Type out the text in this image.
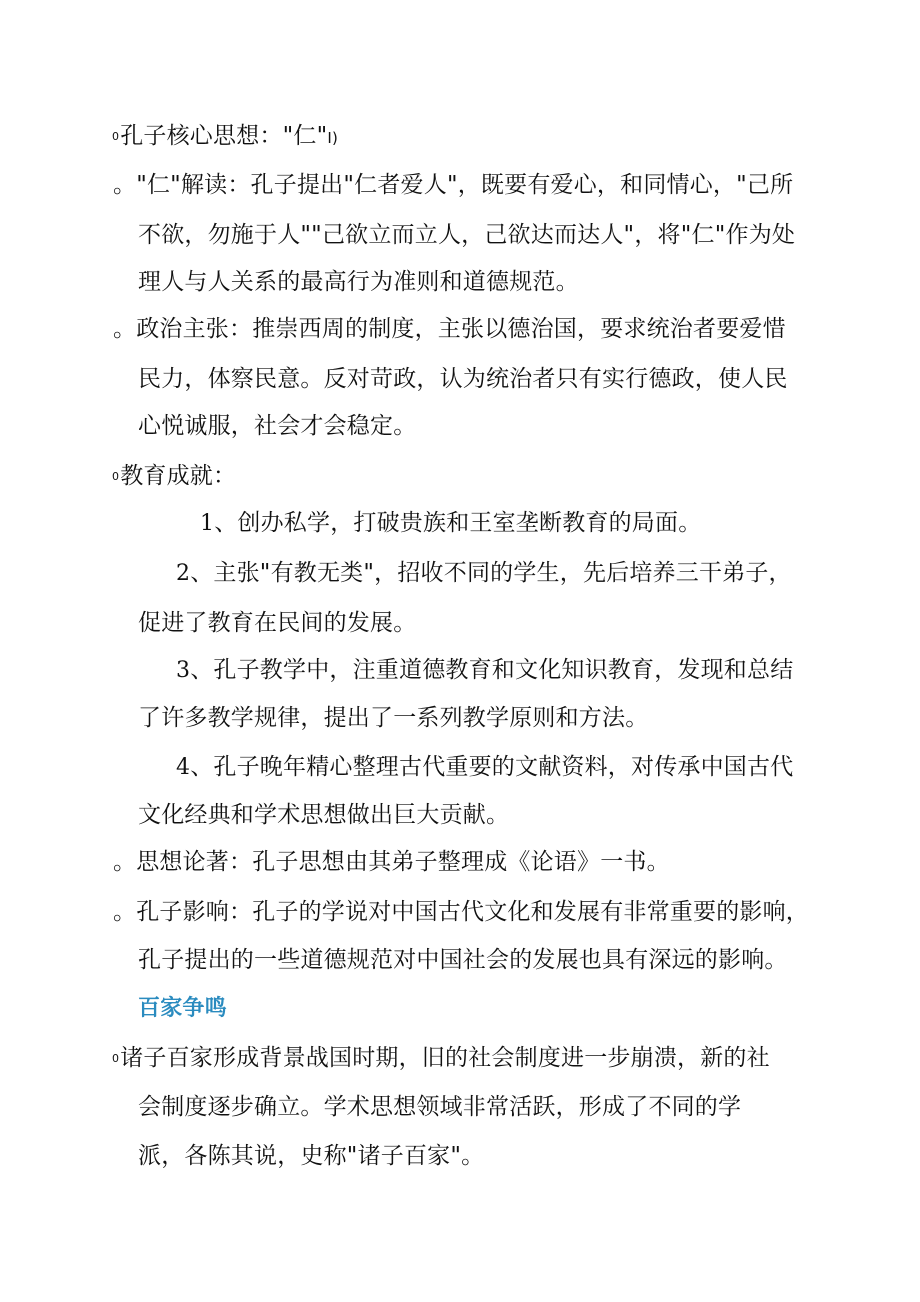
0孔子核心思想："仁"I)
。"仁"解读：孔子提出"仁者爱人"，既要有爱心，和同情心，"己所
不欲，勿施于人""己欲立而立人，己欲达而达人"，将"仁"作为处
理人与人关系的最高行为准则和道德规范。
。政治主张：推崇西周的制度，主张以德治国，要求统治者要爱惜
民力，体察民意。反对苛政，认为统治者只有实行德政，使人民
心悦诚服，社会才会稳定。
0教育成就：
1、创办私学，打破贵族和王室垄断教育的局面。
2、主张"有教无类"，招收不同的学生，先后培养三干弟子，
促进了教育在民间的发展。
3、孔子教学中，注重道德教育和文化知识教育，发现和总结
了许多教学规律，提出了一系列教学原则和方法。
4、孔子晚年精心整理古代重要的文献资料，对传承中国古代
文化经典和学术思想做出巨大贡献。
。思想论著：孔子思想由其弟子整理成《论语》一书。
。孔子影响：孔子的学说对中国古代文化和发展有非常重要的影响，
孔子提出的一些道德规范对中国社会的发展也具有深远的影响。
百家争鸣
0诸子百家形成背景战国时期，旧的社会制度进一步崩溃，新的社
会制度逐步确立。学术思想领域非常活跃，形成了不同的学
派，各陈其说，史称"诸子百家"。
